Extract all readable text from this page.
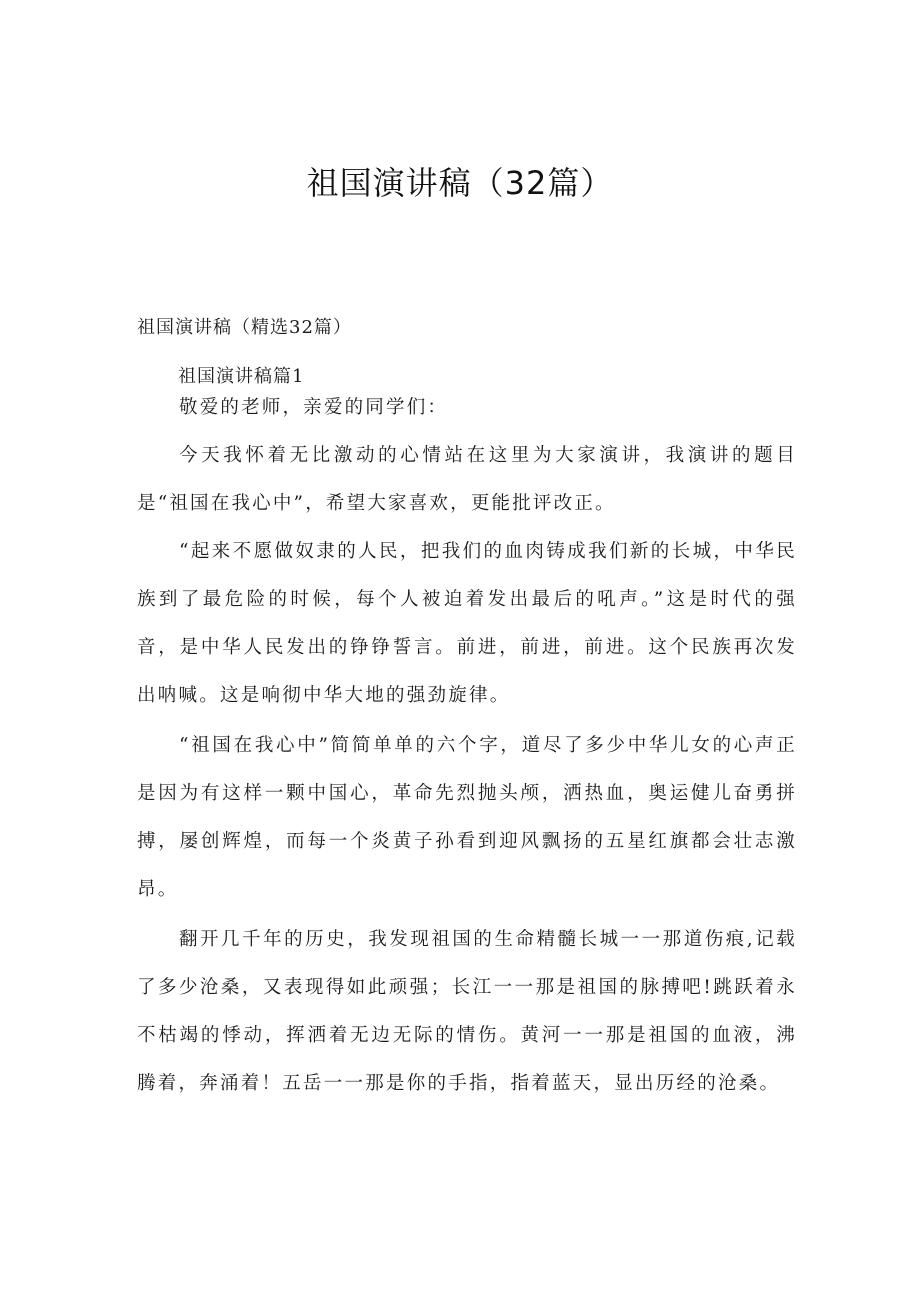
祖国演讲稿（32篇）
祖国演讲稿（精选32篇）
祖国演讲稿篇1

敬爱的老师，亲爱的同学们：

今天我怀着无比激动的心情站在这里为大家演讲，我演讲的题目是“祖国在我心中”，希望大家喜欢，更能批评改正。

“起来不愿做奴隶的人民，把我们的血肉铸成我们新的长城，中华民族到了最危险的时候，每个人被迫着发出最后的吼声。”这是时代的强音，是中华人民发出的铮铮誓言。前进，前进，前进。这个民族再次发出呐喊。这是响彻中华大地的强劲旋律。

“祖国在我心中”简简单单的六个字，道尽了多少中华儿女的心声正是因为有这样一颗中国心，革命先烈抛头颅，洒热血，奥运健儿奋勇拼搏，屡创辉煌，而每一个炎黄子孙看到迎风飘扬的五星红旗都会壮志激昂。

翻开几千年的历史，我发现祖国的生命精髓长城一一那道伤痕,记载了多少沧桑，又表现得如此顽强；长江一一那是祖国的脉搏吧!跳跃着永不枯竭的悸动，挥洒着无边无际的情伤。黄河一一那是祖国的血液，沸腾着，奔涌着！五岳一一那是你的手指，指着蓝天，显出历经的沧桑。
